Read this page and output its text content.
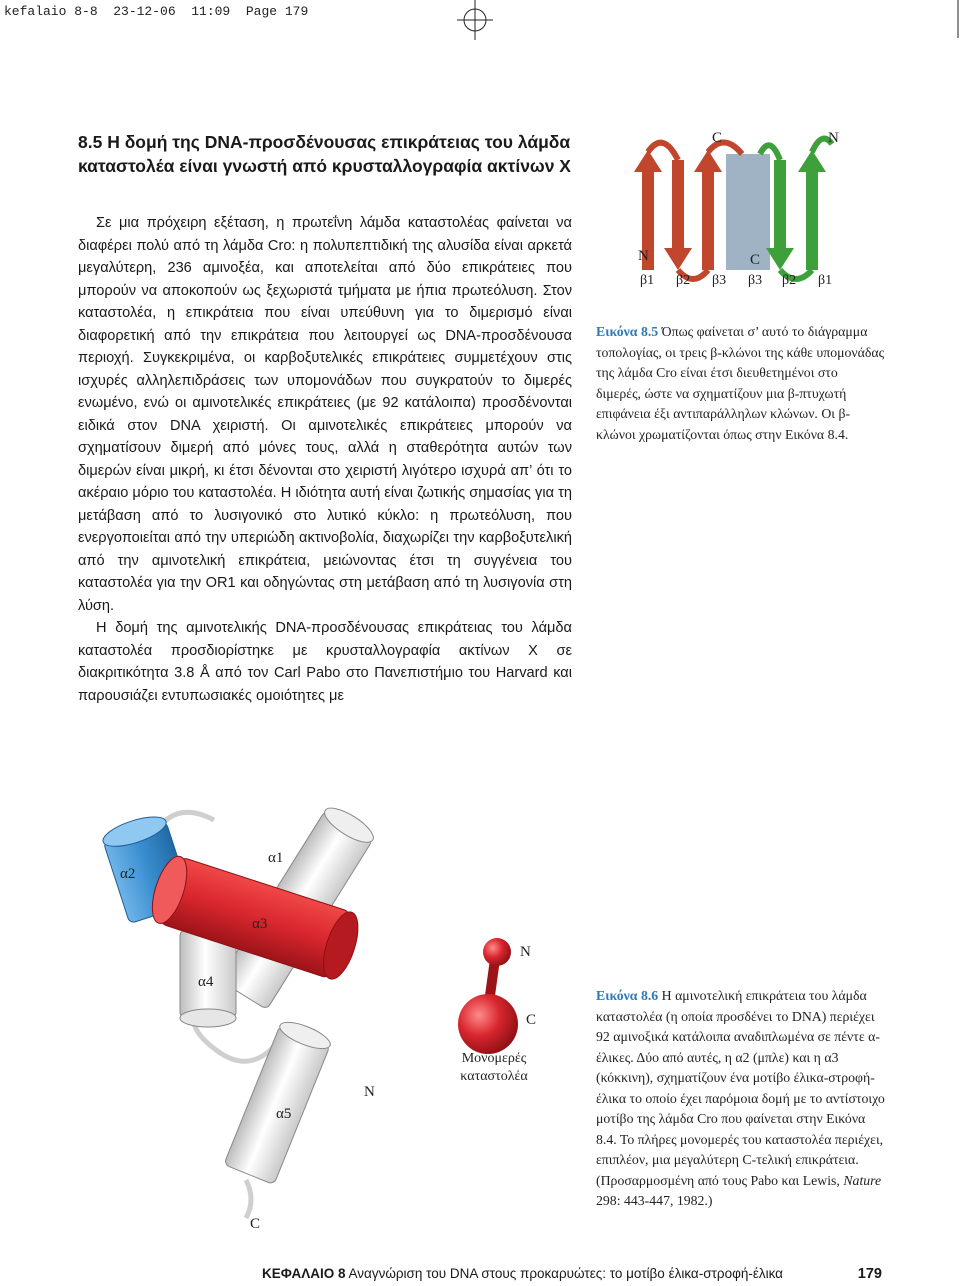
kefalaio 8-8  23-12-06  11:09  Page 179
8.5 Η δομή της DNA-προσδένουσας επικράτειας του λάμδα καταστολέα είναι γνωστή από κρυσταλλογραφία ακτίνων Χ

Σε μια πρόχειρη εξέταση, η πρωτεΐνη λάμδα καταστολέας φαίνεται να διαφέρει πολύ από τη λάμδα Cro: η πολυπεπτιδική της αλυσίδα είναι αρκετά μεγαλύτερη, 236 αμινοξέα, και αποτελείται από δύο επικράτειες που μπορούν να αποκοπούν ως ξεχωριστά τμήματα με ήπια πρωτεόλυση. Στον καταστολέα, η επικράτεια που είναι υπεύθυνη για το διμερισμό είναι διαφορετική από την επικράτεια που λειτουργεί ως DNA-προσδένουσα περιοχή. Συγκεκριμένα, οι καρβοξυτελικές επικράτειες συμμετέχουν στις ισχυρές αλληλεπιδράσεις των υπομονάδων που συγκρατούν το διμερές ενωμένο, ενώ οι αμινοτελικές επικράτειες (με 92 κατάλοιπα) προσδένονται ειδικά στον DNA χειριστή. Οι αμινοτελικές επικράτειες μπορούν να σχηματίσουν διμερή από μόνες τους, αλλά η σταθερότητα αυτών των διμερών είναι μικρή, κι έτσι δένονται στο χειριστή λιγότερο ισχυρά απ’ ότι το ακέραιο μόριο του καταστολέα. Η ιδιότητα αυτή είναι ζωτικής σημασίας για τη μετάβαση από το λυσιγονικό στο λυτικό κύκλο: η πρωτεόλυση, που ενεργοποιείται από την υπεριώδη ακτινοβολία, διαχωρίζει την καρβοξυτελική από την αμινοτελική επικράτεια, μειώνοντας έτσι τη συγγένεια του καταστολέα για την OR1 και οδηγώντας στη μετάβαση από τη λυσιγονία στη λύση.

Η δομή της αμινοτελικής DNA-προσδένουσας επικράτειας του λάμδα καταστολέα προσδιορίστηκε με κρυσταλλογραφία ακτίνων Χ σε διακριτικότητα 3.8 Å από τον Carl Pabo στο Πανεπιστήμιο του Harvard και παρουσιάζει εντυπωσιακές ομοιότητες με

C	N
N	C
β1 β2 β3 β3 β2 β1

Εικόνα 8.5 Όπως φαίνεται σ’ αυτό το διάγραμμα τοπολογίας, οι τρεις β-κλώνοι της κάθε υπομονάδας της λάμδα Cro είναι έτσι διευθετημένοι στο διμερές, ώστε να σχηματίζουν μια β-πτυχωτή επιφάνεια έξι αντιπαράλληλων κλώνων. Οι β-κλώνοι χρωματίζονται όπως στην Εικόνα 8.4.

α1
α2
α3
α4
α5
N
C
N
C
Μονομερές
καταστολέα

Εικόνα 8.6 Η αμινοτελική επικράτεια του λάμδα καταστολέα (η οποία προσδένει το DNA) περιέχει 92 αμινοξικά κατάλοιπα αναδιπλωμένα σε πέντε α-έλικες. Δύο από αυτές, η α2 (μπλε) και η α3 (κόκκινη), σχηματίζουν ένα μοτίβο έλικα-στροφή-έλικα το οποίο έχει παρόμοια δομή με το αντίστοιχο μοτίβο της λάμδα Cro που φαίνεται στην Εικόνα 8.4. Το πλήρες μονομερές του καταστολέα περιέχει, επιπλέον, μια μεγαλύτερη C-τελική επικράτεια. (Προσαρμοσμένη από τους Pabo και Lewis, Nature 298: 443-447, 1982.)

ΚΕΦΑΛΑΙΟ 8 Αναγνώριση του DNA στους προκαρυώτες: το μοτίβο έλικα-στροφή-έλικα	179
